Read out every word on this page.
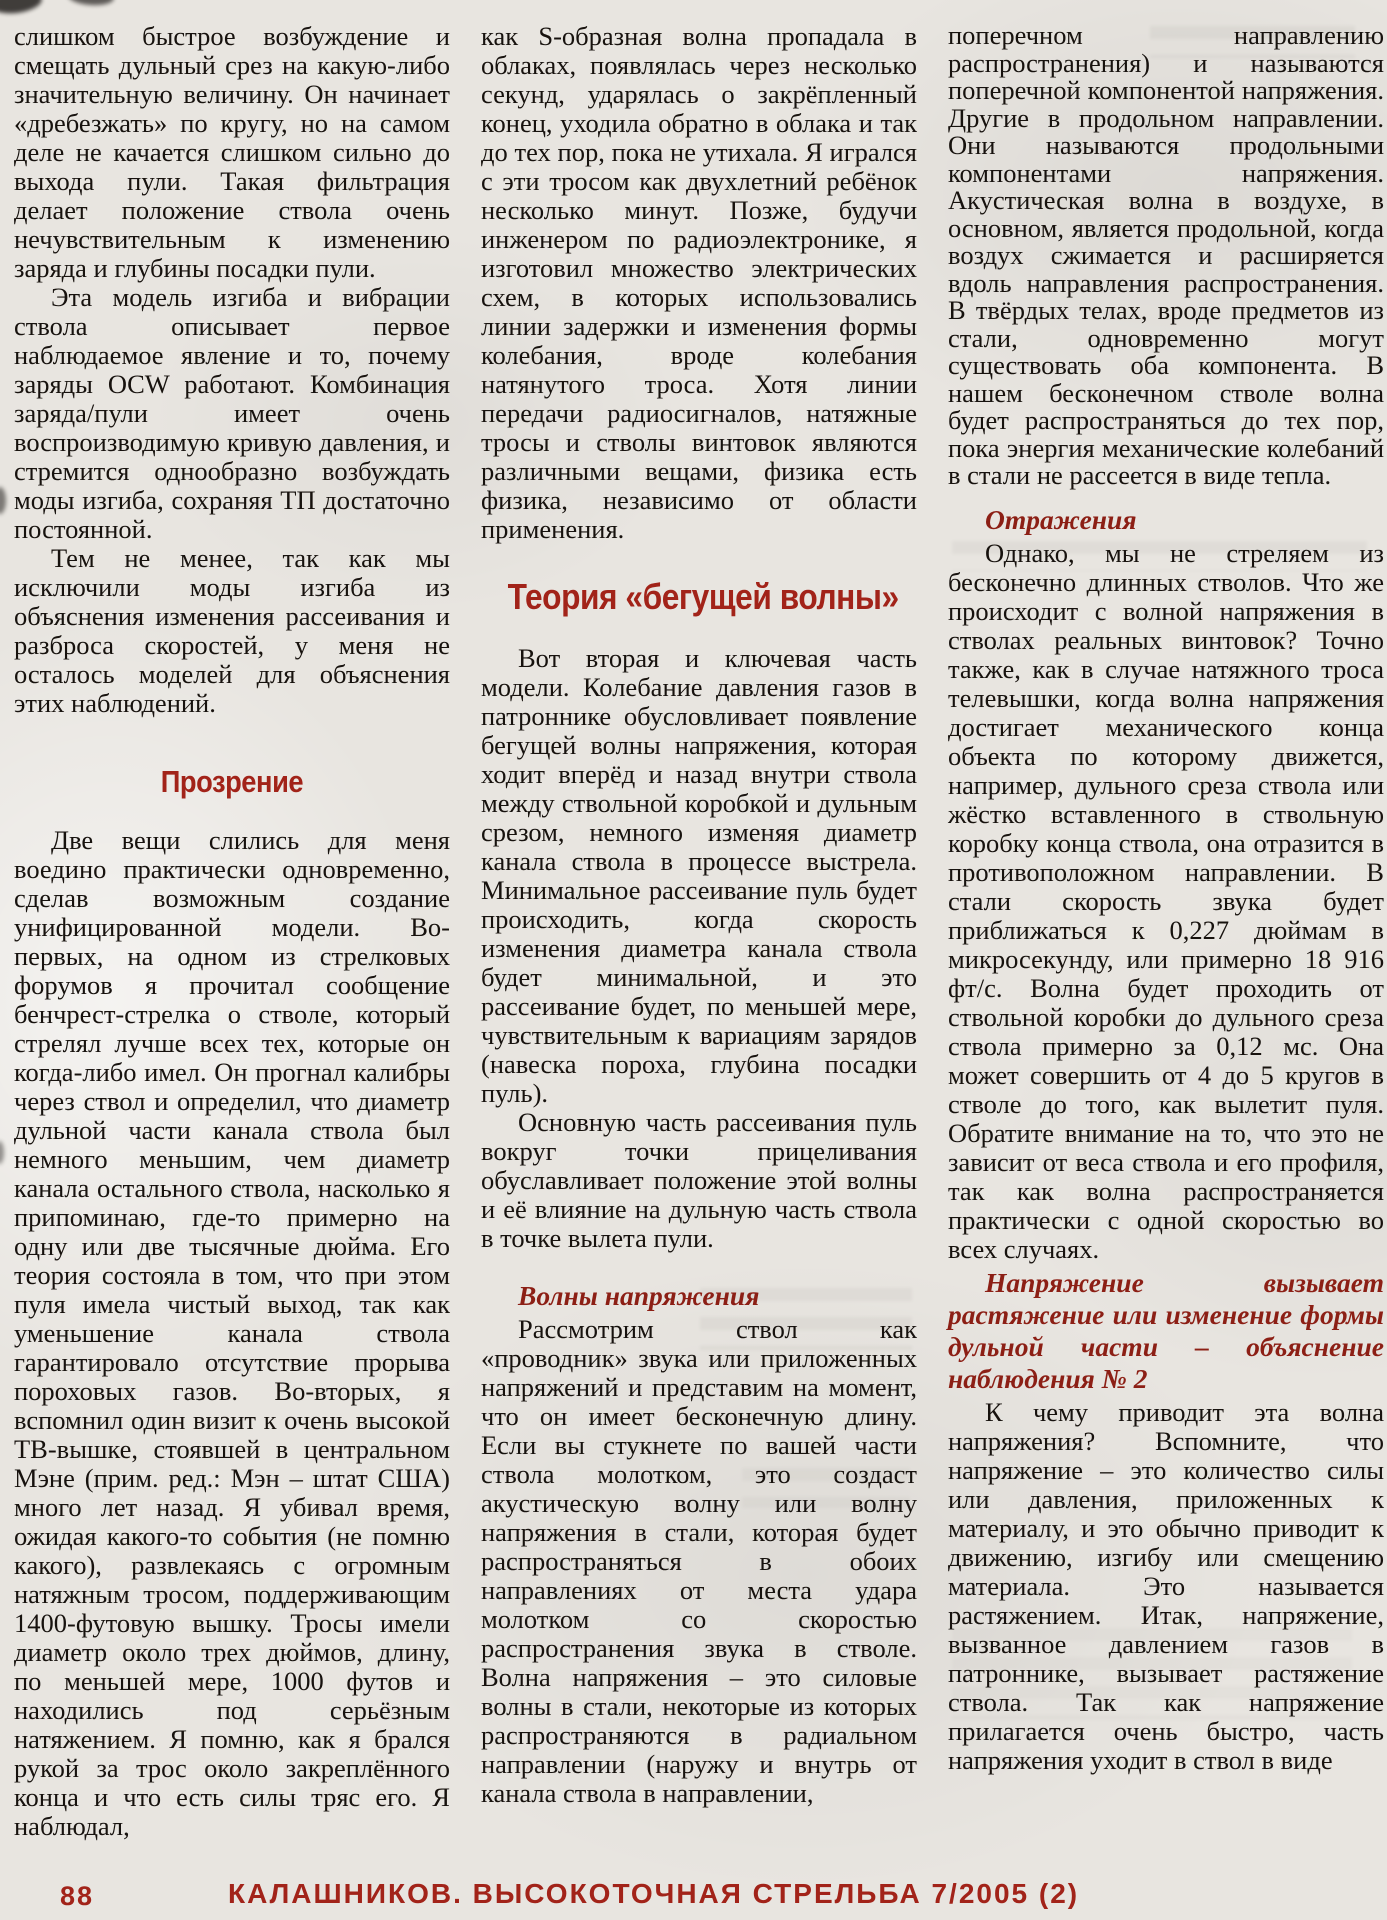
слишком быстрое возбуждение и смещать дульный срез на какую-либо значительную величину. Он начинает «дребезжать» по кругу, но на самом деле не качается слишком сильно до выхода пули. Такая фильтрация делает положение ствола очень нечувствительным к изменению заряда и глубины посадки пули.

Эта модель изгиба и вибрации ствола описывает первое наблюдаемое явление и то, почему заряды OCW работают. Комбинация заряда/пули имеет очень воспроизводимую кривую давления, и стремится однообразно возбуждать моды изгиба, сохраняя ТП достаточно постоянной.

Тем не менее, так как мы исключили моды изгиба из объяснения изменения рассеивания и разброса скоростей, у меня не осталось моделей для объяснения этих наблюдений.

Прозрение

Две вещи слились для меня воедино практически одновременно, сделав возможным создание унифицированной модели. Во-первых, на одном из стрелковых форумов я прочитал сообщение бенчрест-стрелка о стволе, который стрелял лучше всех тех, которые он когда-либо имел. Он прогнал калибры через ствол и определил, что диаметр дульной части канала ствола был немного меньшим, чем диаметр канала остального ствола, насколько я припоминаю, где-то примерно на одну или две тысячные дюйма. Его теория состояла в том, что при этом пуля имела чистый выход, так как уменьшение канала ствола гарантировало отсутствие прорыва пороховых газов. Во-вторых, я вспомнил один визит к очень высокой ТВ-вышке, стоявшей в центральном Мэне (прим. ред.: Мэн – штат США) много лет назад. Я убивал время, ожидая какого-то события (не помню какого), развлекаясь с огромным натяжным тросом, поддерживающим 1400-футовую вышку. Тросы имели диаметр около трех дюймов, длину, по меньшей мере, 1000 футов и находились под серьёзным натяжением. Я помню, как я брался рукой за трос около закреплённого конца и что есть силы тряс его. Я наблюдал,

как S-образная волна пропадала в облаках, появлялась через несколько секунд, ударялась о закрёпленный конец, уходила обратно в облака и так до тех пор, пока не утихала. Я игрался с эти тросом как двухлетний ребёнок несколько минут. Позже, будучи инженером по радиоэлектронике, я изготовил множество электрических схем, в которых использовались линии задержки и изменения формы колебания, вроде колебания натянутого троса. Хотя линии передачи радиосигналов, натяжные тросы и стволы винтовок являются различными вещами, физика есть физика, независимо от области применения.

Теория «бегущей волны»

Вот вторая и ключевая часть модели. Колебание давления газов в патроннике обусловливает появление бегущей волны напряжения, которая ходит вперёд и назад внутри ствола между ствольной коробкой и дульным срезом, немного изменяя диаметр канала ствола в процессе выстрела. Минимальное рассеивание пуль будет происходить, когда скорость изменения диаметра канала ствола будет минимальной, и это рассеивание будет, по меньшей мере, чувствительным к вариациям зарядов (навеска пороха, глубина посадки пуль).

Основную часть рассеивания пуль вокруг точки прицеливания обуславливает положение этой волны и её влияние на дульную часть ствола в точке вылета пули.

Волны напряжения

Рассмотрим ствол как «проводник» звука или приложенных напряжений и представим на момент, что он имеет бесконечную длину. Если вы стукнете по вашей части ствола молотком, это создаст акустическую волну или волну напряжения в стали, которая будет распространяться в обоих направлениях от места удара молотком со скоростью распространения звука в стволе. Волна напряжения – это силовые волны в стали, некоторые из которых распространяются в радиальном направлении (наружу и внутрь от канала ствола в направлении,

поперечном направлению распространения) и называются поперечной компонентой напряжения. Другие в продольном направлении. Они называются продольными компонентами напряжения. Акустическая волна в воздухе, в основном, является продольной, когда воздух сжимается и расширяется вдоль направления распространения. В твёрдых телах, вроде предметов из стали, одновременно могут существовать оба компонента. В нашем бесконечном стволе волна будет распространяться до тех пор, пока энергия механические колебаний в стали не рассеется в виде тепла.

Отражения

Однако, мы не стреляем из бесконечно длинных стволов. Что же происходит с волной напряжения в стволах реальных винтовок? Точно также, как в случае натяжного троса телевышки, когда волна напряжения достигает механического конца объекта по которому движется, например, дульного среза ствола или жёстко вставленного в ствольную коробку конца ствола, она отразится в противоположном направлении. В стали скорость звука будет приближаться к 0,227 дюймам в микросекунду, или примерно 18 916 фт/с. Волна будет проходить от ствольной коробки до дульного среза ствола примерно за 0,12 мс. Она может совершить от 4 до 5 кругов в стволе до того, как вылетит пуля. Обратите внимание на то, что это не зависит от веса ствола и его профиля, так как волна распространяется практически с одной скоростью во всех случаях.

Напряжение вызывает растяжение или изменение формы дульной части – объяснение наблюдения № 2

К чему приводит эта волна напряжения? Вспомните, что напряжение – это количество силы или давления, приложенных к материалу, и это обычно приводит к движению, изгибу или смещению материала. Это называется растяжением. Итак, напряжение, вызванное давлением газов в патроннике, вызывает растяжение ствола. Так как напряжение прилагается очень быстро, часть напряжения уходит в ствол в виде

88	КАЛАШНИКОВ. ВЫСОКОТОЧНАЯ СТРЕЛЬБА 7/2005 (2)
